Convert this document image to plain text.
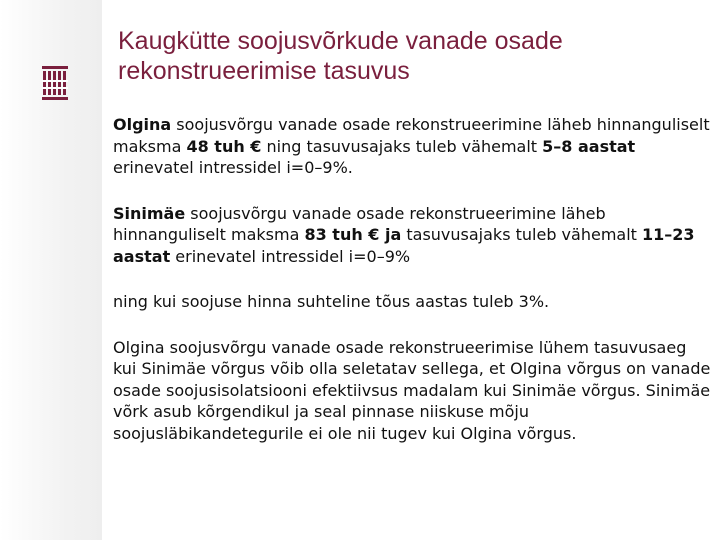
Kaugkütte soojusvõrkude vanade osade
rekonstrueerimise tasuvus

Olgina soojusvõrgu vanade osade rekonstrueerimine läheb hinnanguliselt maksma 48 tuh € ning tasuvusajaks tuleb vähemalt 5–8 aastat erinevatel intressidel i=0–9%.

Sinimäe soojusvõrgu vanade osade rekonstrueerimine läheb hinnanguliselt maksma 83 tuh € ja tasuvusajaks tuleb vähemalt 11–23 aastat erinevatel intressidel i=0–9%

ning kui soojuse hinna suhteline tõus aastas tuleb 3%.

Olgina soojusvõrgu vanade osade rekonstrueerimise lühem tasuvusaeg kui Sinimäe võrgus võib olla seletatav sellega, et Olgina võrgus on vanade osade soojusisolatsiooni efektiivsus madalam kui Sinimäe võrgus. Sinimäe võrk asub kõrgendikul ja seal pinnase niiskuse mõju soojusläbikandetegurile ei ole nii tugev kui Olgina võrgus.
